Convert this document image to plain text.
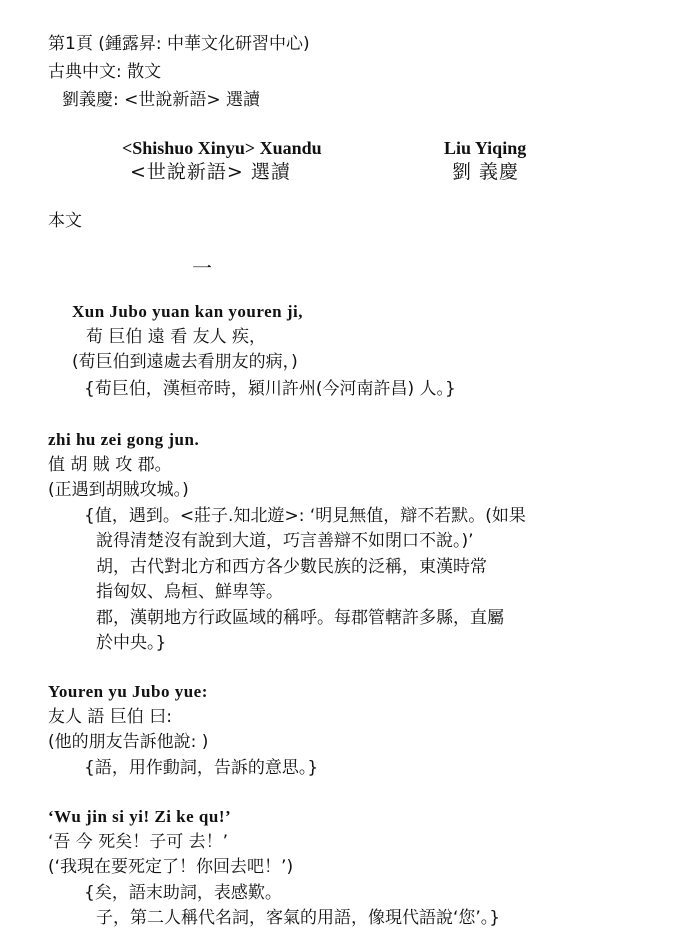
第1頁 (鍾露昇: 中華文化研習中心)
古典中文: 散文
劉義慶: <世說新語> 選讀
<Shishuo Xinyu> Xuandu
<世說新語> 選讀
Liu Yiqing
劉 義慶
本文
一
Xun Jubo yuan kan youren ji,
荀 巨伯 遠 看 友人 疾，
(荀巨伯到遠處去看朋友的病，)
{荀巨伯，漢桓帝時，潁川許州(今河南許昌) 人。}
zhi hu zei gong jun.
值 胡 賊 攻 郡。
(正遇到胡賊攻城。)
{值，遇到。<莊子.知北遊>: ‘明見無值，辯不若默。(如果
說得清楚沒有說到大道，巧言善辯不如閉口不說。)’
胡，古代對北方和西方各少數民族的泛稱，東漢時常
指匈奴、烏桓、鮮卑等。
郡，漢朝地方行政區域的稱呼。每郡管轄許多縣，直屬
於中央。}
Youren yu Jubo yue:
友人 語 巨伯 曰:
(他的朋友告訴他說: )
{語，用作動詞，告訴的意思。}
‘Wu jin si yi! Zi ke qu!’
‘吾 今 死矣！子可 去！’
(‘我現在要死定了！你回去吧！’)
{矣，語末助詞，表感歎。
子，第二人稱代名詞，客氣的用語，像現代語說‘您’。}
